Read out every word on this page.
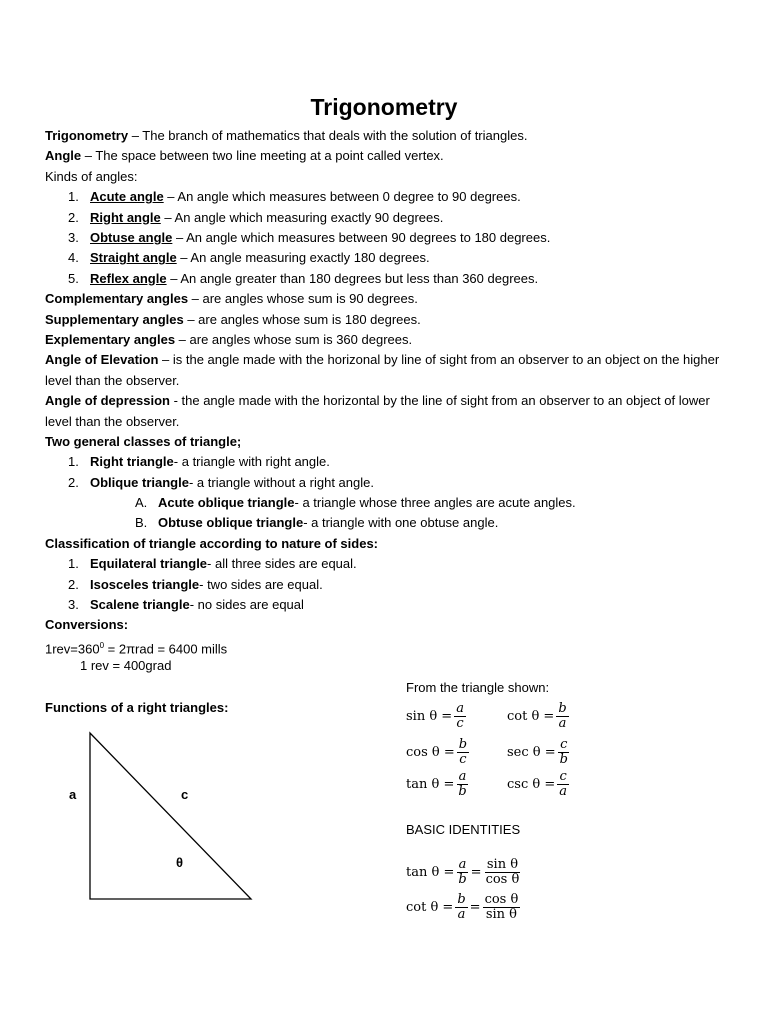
Trigonometry
Trigonometry – The branch of mathematics that deals with the solution of triangles.
Angle – The space between two line meeting at a point called vertex.
Kinds of angles:
1. Acute angle – An angle which measures between 0 degree to 90 degrees.
2. Right angle – An angle which measuring exactly 90 degrees.
3. Obtuse angle – An angle which measures between 90 degrees to 180 degrees.
4. Straight angle – An angle measuring exactly 180 degrees.
5. Reflex angle – An angle greater than 180 degrees but less than 360 degrees.
Complementary angles – are angles whose sum is 90 degrees.
Supplementary angles – are angles whose sum is 180 degrees.
Explementary angles – are angles whose sum is 360 degrees.
Angle of Elevation – is the angle made with the horizonal by line of sight from an observer to an object on the higher level than the observer.
Angle of depression - the angle made with the horizontal by the line of sight from an observer to an object of lower level than the observer.
Two general classes of triangle;
1. Right triangle- a triangle with right angle.
2. Oblique triangle- a triangle without a right angle.
A. Acute oblique triangle- a triangle whose three angles are acute angles.
B. Obtuse oblique triangle- a triangle with one obtuse angle.
Classification of triangle according to nature of sides:
1. Equilateral triangle- all three sides are equal.
2. Isosceles triangle- two sides are equal.
3. Scalene triangle- no sides are equal
Conversions:
$1rev=360^0 = 2\pi rad = 6400$ mills
1 rev = 400grad
Functions of a right triangles:
a	c
θ
From the triangle shown:
$\sin \theta = \frac{a}{c}$	$\cot \theta = \frac{b}{a}$
$\cos \theta = \frac{b}{c}$	$\sec \theta = \frac{c}{b}$
$\tan \theta = \frac{a}{b}$	$\csc \theta = \frac{c}{a}$
BASIC IDENTITIES
$\tan \theta = \frac{a}{b} = \frac{\text{sin θ}}{\text{cos θ}}$
$\cot \theta = \frac{b}{a} = \frac{\text{cos θ}}{\text{sin θ}}$
